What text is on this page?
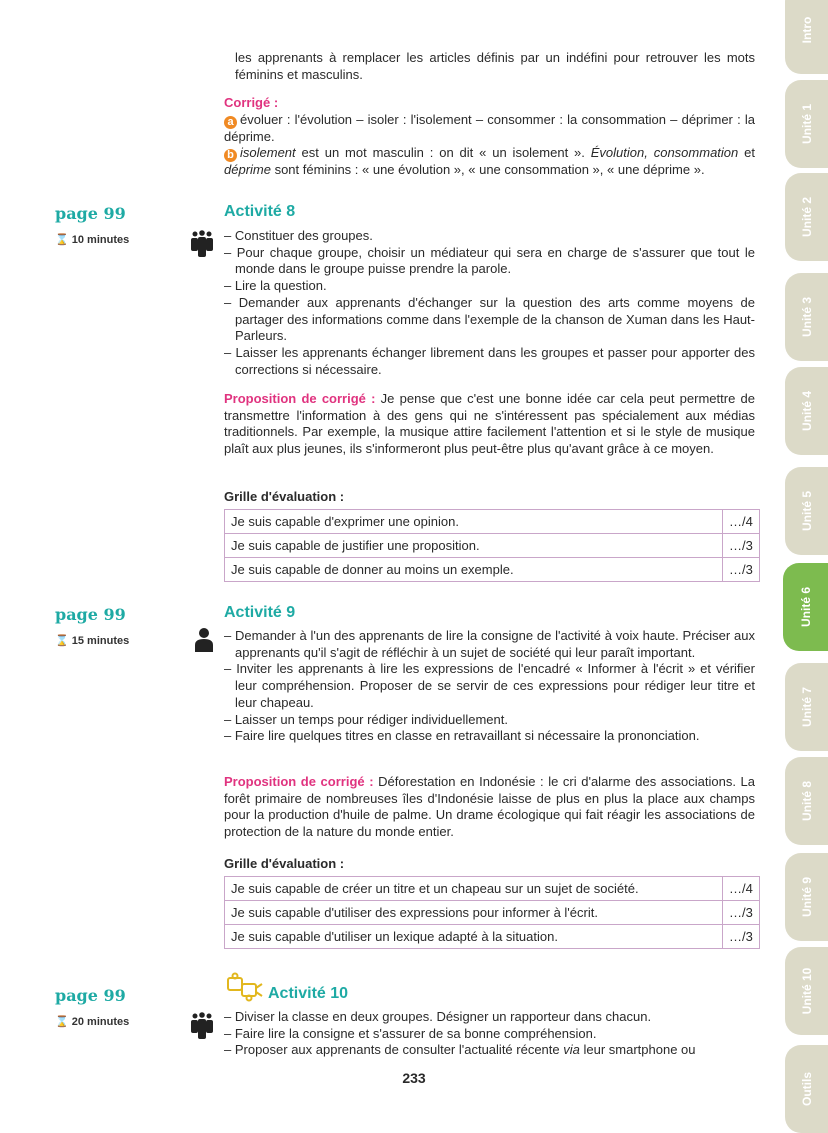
les apprenants à remplacer les articles définis par un indéfini pour retrouver les mots féminins et masculins.
Corrigé :
a évoluer : l'évolution – isoler : l'isolement – consommer : la consommation – déprimer : la déprime.
b isolement est un mot masculin : on dit « un isolement ». Évolution, consommation et déprime sont féminins : « une évolution », « une consommation », « une déprime ».
page 99
⌛ 10 minutes
Activité 8
– Constituer des groupes.
– Pour chaque groupe, choisir un médiateur qui sera en charge de s'assurer que tout le monde dans le groupe puisse prendre la parole.
– Lire la question.
– Demander aux apprenants d'échanger sur la question des arts comme moyens de partager des informations comme dans l'exemple de la chanson de Xuman dans les Haut-Parleurs.
– Laisser les apprenants échanger librement dans les groupes et passer pour apporter des corrections si nécessaire.
Proposition de corrigé : Je pense que c'est une bonne idée car cela peut permettre de transmettre l'information à des gens qui ne s'intéressent pas spécialement aux médias traditionnels. Par exemple, la musique attire facilement l'attention et si le style de musique plaît aux plus jeunes, ils s'informeront plus peut-être plus qu'avant grâce à ce moyen.
Grille d'évaluation :
Je suis capable d'exprimer une opinion.	…/4
Je suis capable de justifier une proposition.	…/3
Je suis capable de donner au moins un exemple.	…/3
page 99
⌛ 15 minutes
Activité 9
– Demander à l'un des apprenants de lire la consigne de l'activité à voix haute. Préciser aux apprenants qu'il s'agit de réfléchir à un sujet de société qui leur paraît important.
– Inviter les apprenants à lire les expressions de l'encadré « Informer à l'écrit » et vérifier leur compréhension. Proposer de se servir de ces expressions pour rédiger leur titre et leur chapeau.
– Laisser un temps pour rédiger individuellement.
– Faire lire quelques titres en classe en retravaillant si nécessaire la prononciation.
Proposition de corrigé : Déforestation en Indonésie : le cri d'alarme des associations. La forêt primaire de nombreuses îles d'Indonésie laisse de plus en plus la place aux champs pour la production d'huile de palme. Un drame écologique qui fait réagir les associations de protection de la nature du monde entier.
Grille d'évaluation :
Je suis capable de créer un titre et un chapeau sur un sujet de société.	…/4
Je suis capable d'utiliser des expressions pour informer à l'écrit.	…/3
Je suis capable d'utiliser un lexique adapté à la situation.	…/3
page 99
⌛ 20 minutes
Activité 10
– Diviser la classe en deux groupes. Désigner un rapporteur dans chacun.
– Faire lire la consigne et s'assurer de sa bonne compréhension.
– Proposer aux apprenants de consulter l'actualité récente via leur smartphone ou
233
Intro
Unité 1
Unité 2
Unité 3
Unité 4
Unité 5
Unité 6
Unité 7
Unité 8
Unité 9
Unité 10
Outils
